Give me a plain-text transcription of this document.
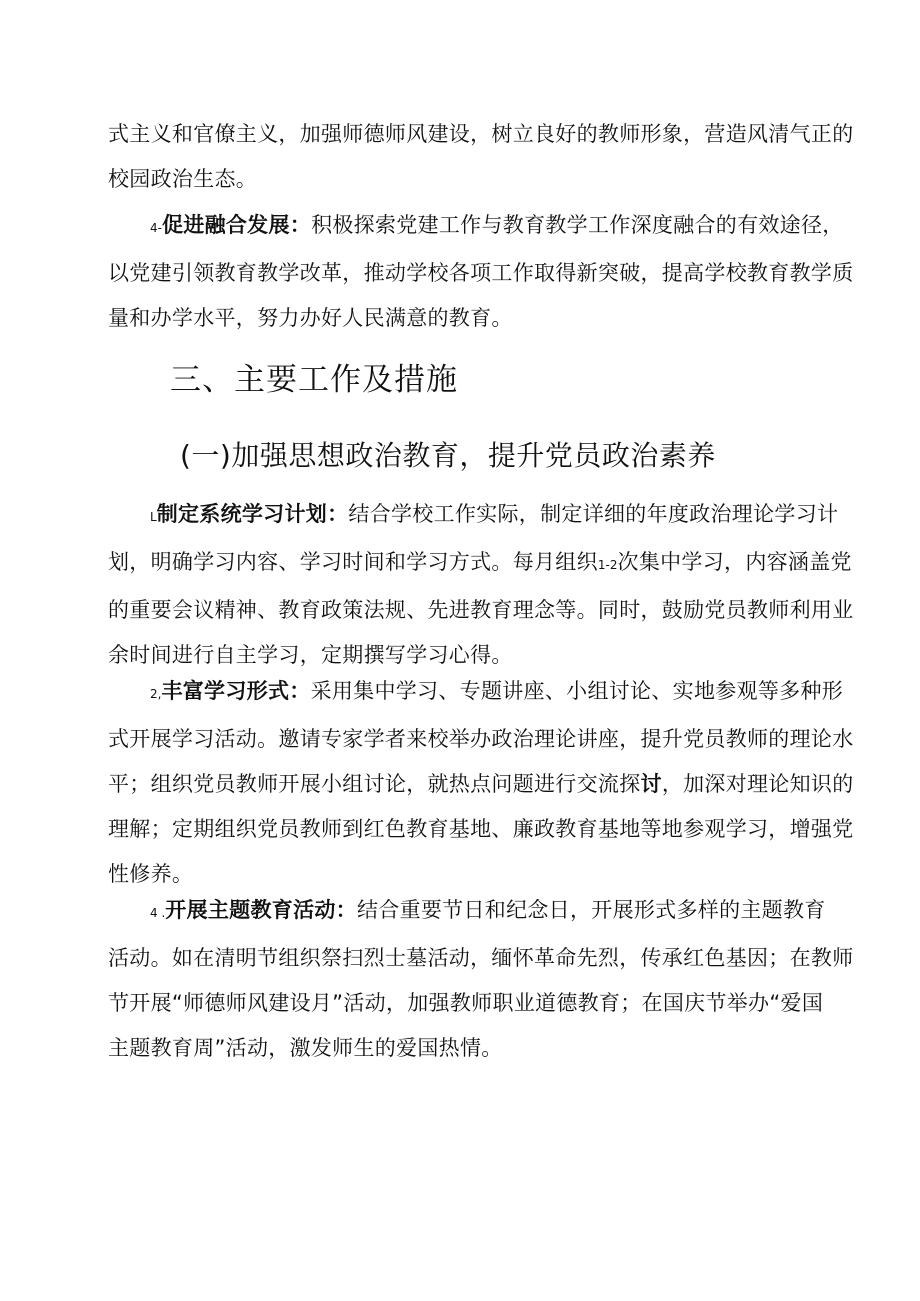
式主义和官僚主义，加强师德师风建设，树立良好的教师形象，营造风清气正的
校园政治生态。

4-促进融合发展：积极探索党建工作与教育教学工作深度融合的有效途径，
以党建引领教育教学改革，推动学校各项工作取得新突破，提高学校教育教学质
量和办学水平，努力办好人民满意的教育。

三、主要工作及措施
(一)加强思想政治教育，提升党员政治素养

L制定系统学习计划：结合学校工作实际，制定详细的年度政治理论学习计
划，明确学习内容、学习时间和学习方式。每月组织1-2次集中学习，内容涵盖党
的重要会议精神、教育政策法规、先进教育理念等。同时，鼓励党员教师利用业
余时间进行自主学习，定期撰写学习心得。

2,丰富学习形式：采用集中学习、专题讲座、小组讨论、实地参观等多种形
式开展学习活动。邀请专家学者来校举办政治理论讲座，提升党员教师的理论水
平；组织党员教师开展小组讨论，就热点问题进行交流探讨，加深对理论知识的
理解；定期组织党员教师到红色教育基地、廉政教育基地等地参观学习，增强党
性修养。

4 .开展主题教育活动：结合重要节日和纪念日，开展形式多样的主题教育
活动。如在清明节组织祭扫烈士墓活动，缅怀革命先烈，传承红色基因；在教师
节开展“师德师风建设月”活动，加强教师职业道德教育；在国庆节举办“爱国
主题教育周”活动，激发师生的爱国热情。
